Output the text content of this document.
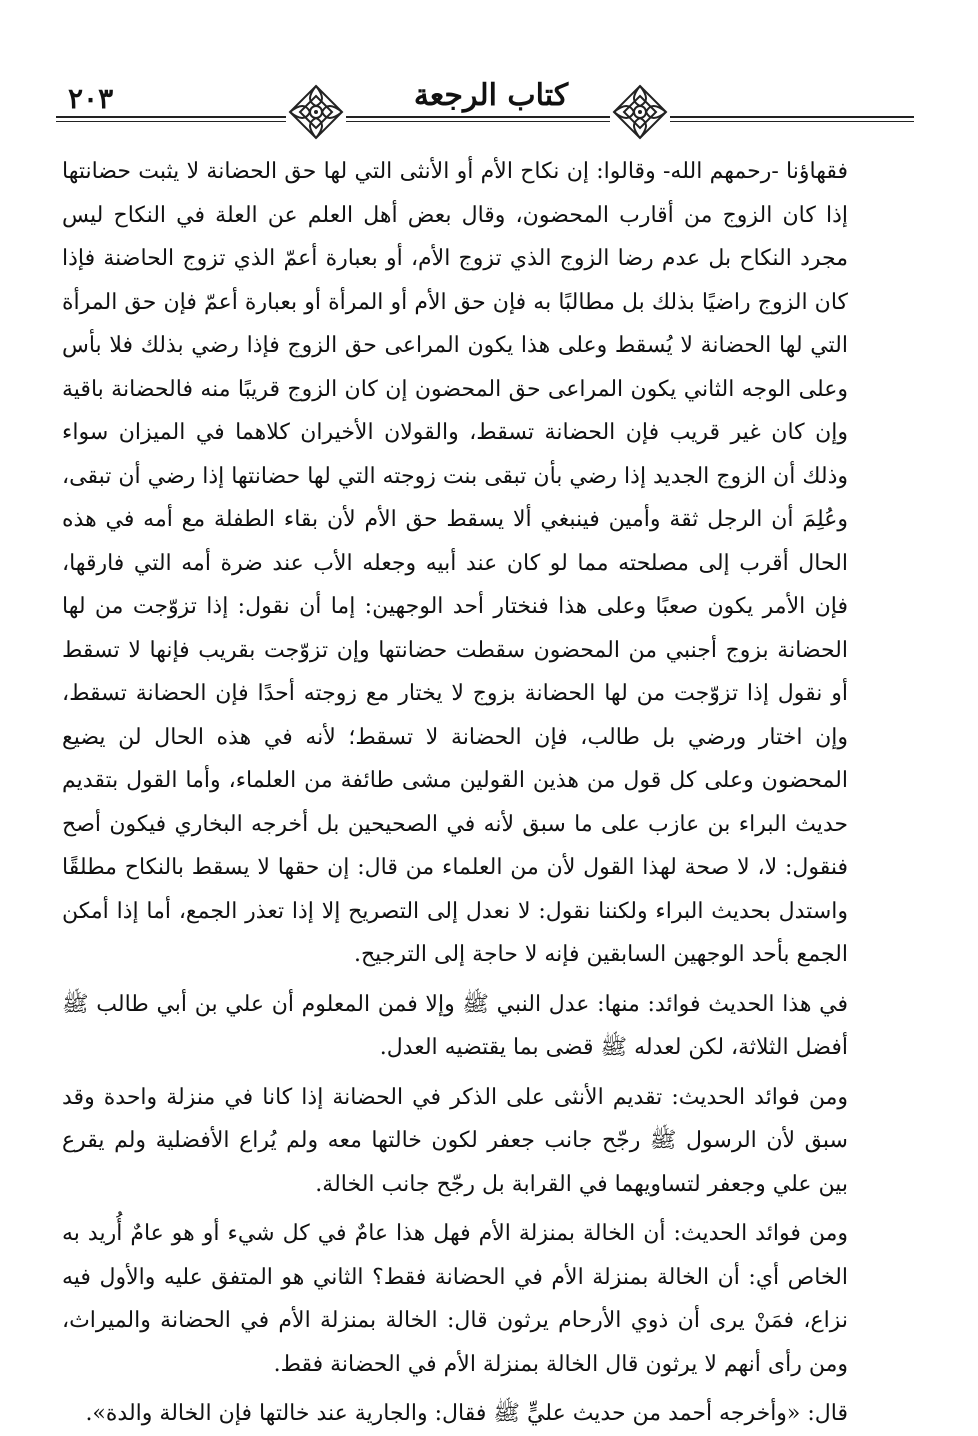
٢٠٣	كتاب الرجعة

فقهاؤنا -رحمهم الله- وقالوا: إن نكاح الأم أو الأنثى التي لها حق الحضانة لا يثبت حضانتها إذا كان الزوج من أقارب المحضون، وقال بعض أهل العلم عن العلة في النكاح ليس مجرد النكاح بل عدم رضا الزوج الذي تزوج الأم، أو بعبارة أعمّ الذي تزوج الحاضنة فإذا كان الزوج راضيًا بذلك بل مطالبًا به فإن حق الأم أو المرأة أو بعبارة أعمّ فإن حق المرأة التي لها الحضانة لا يُسقط وعلى هذا يكون المراعى حق الزوج فإذا رضي بذلك فلا بأس وعلى الوجه الثاني يكون المراعى حق المحضون إن كان الزوج قريبًا منه فالحضانة باقية وإن كان غير قريب فإن الحضانة تسقط، والقولان الأخيران كلاهما في الميزان سواء وذلك أن الزوج الجديد إذا رضي بأن تبقى بنت زوجته التي لها حضانتها إذا رضي أن تبقى، وعُلِمَ أن الرجل ثقة وأمين فينبغي ألا يسقط حق الأم لأن بقاء الطفلة مع أمه في هذه الحال أقرب إلى مصلحته مما لو كان عند أبيه وجعله الأب عند ضرة أمه التي فارقها، فإن الأمر يكون صعبًا وعلى هذا فنختار أحد الوجهين: إما أن نقول: إذا تزوّجت من لها الحضانة بزوج أجنبي من المحضون سقطت حضانتها وإن تزوّجت بقريب فإنها لا تسقط أو نقول إذا تزوّجت من لها الحضانة بزوج لا يختار مع زوجته أحدًا فإن الحضانة تسقط، وإن اختار ورضي بل طالب، فإن الحضانة لا تسقط؛ لأنه في هذه الحال لن يضيع المحضون وعلى كل قول من هذين القولين مشى طائفة من العلماء، وأما القول بتقديم حديث البراء بن عازب على ما سبق لأنه في الصحيحين بل أخرجه البخاري فيكون أصح فنقول: لا، لا صحة لهذا القول لأن من العلماء من قال: إن حقها لا يسقط بالنكاح مطلقًا واستدل بحديث البراء ولكننا نقول: لا نعدل إلى التصريح إلا إذا تعذر الجمع، أما إذا أمكن الجمع بأحد الوجهين السابقين فإنه لا حاجة إلى الترجيح.

في هذا الحديث فوائد: منها: عدل النبي ﷺ وإلا فمن المعلوم أن علي بن أبي طالب ﷺ أفضل الثلاثة، لكن لعدله ﷺ قضى بما يقتضيه العدل.

ومن فوائد الحديث: تقديم الأنثى على الذكر في الحضانة إذا كانا في منزلة واحدة وقد سبق لأن الرسول ﷺ رجّح جانب جعفر لكون خالتها معه ولم يُراع الأفضلية ولم يقرع بين علي وجعفر لتساويهما في القرابة بل رجّح جانب الخالة.

ومن فوائد الحديث: أن الخالة بمنزلة الأم فهل هذا عامٌ في كل شيء أو هو عامٌ أُريد به الخاص أي: أن الخالة بمنزلة الأم في الحضانة فقط؟ الثاني هو المتفق عليه والأول فيه نزاع، فمَنْ يرى أن ذوي الأرحام يرثون قال: الخالة بمنزلة الأم في الحضانة والميراث، ومن رأى أنهم لا يرثون قال الخالة بمنزلة الأم في الحضانة فقط.

قال: «وأخرجه أحمد من حديث عليٍّ ﷺ فقال: والجارية عند خالتها فإن الخالة والدة».
